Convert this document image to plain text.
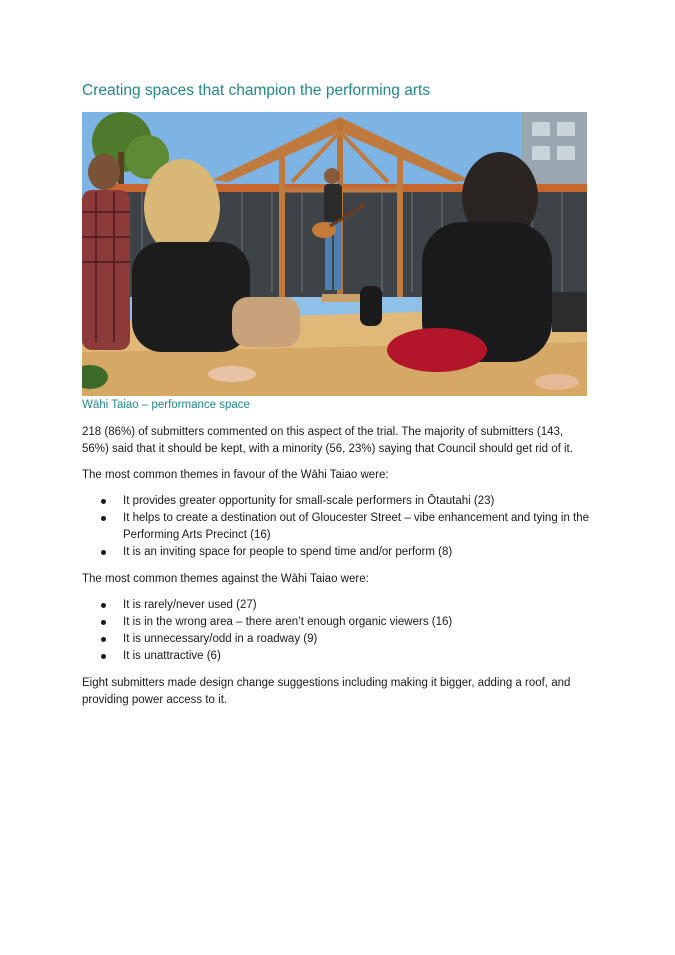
Creating spaces that champion the performing arts

Wāhi Taiao – performance space

218 (86%) of submitters commented on this aspect of the trial. The majority of submitters (143, 56%) said that it should be kept, with a minority (56, 23%) saying that Council should get rid of it.

The most common themes in favour of the Wāhi Taiao were:

It provides greater opportunity for small-scale performers in Ōtautahi (23)
It helps to create a destination out of Gloucester Street – vibe enhancement and tying in the Performing Arts Precinct (16)
It is an inviting space for people to spend time and/or perform (8)

The most common themes against the Wāhi Taiao were:

It is rarely/never used (27)
It is in the wrong area – there aren’t enough organic viewers (16)
It is unnecessary/odd in a roadway (9)
It is unattractive (6)

Eight submitters made design change suggestions including making it bigger, adding a roof, and providing power access to it.
